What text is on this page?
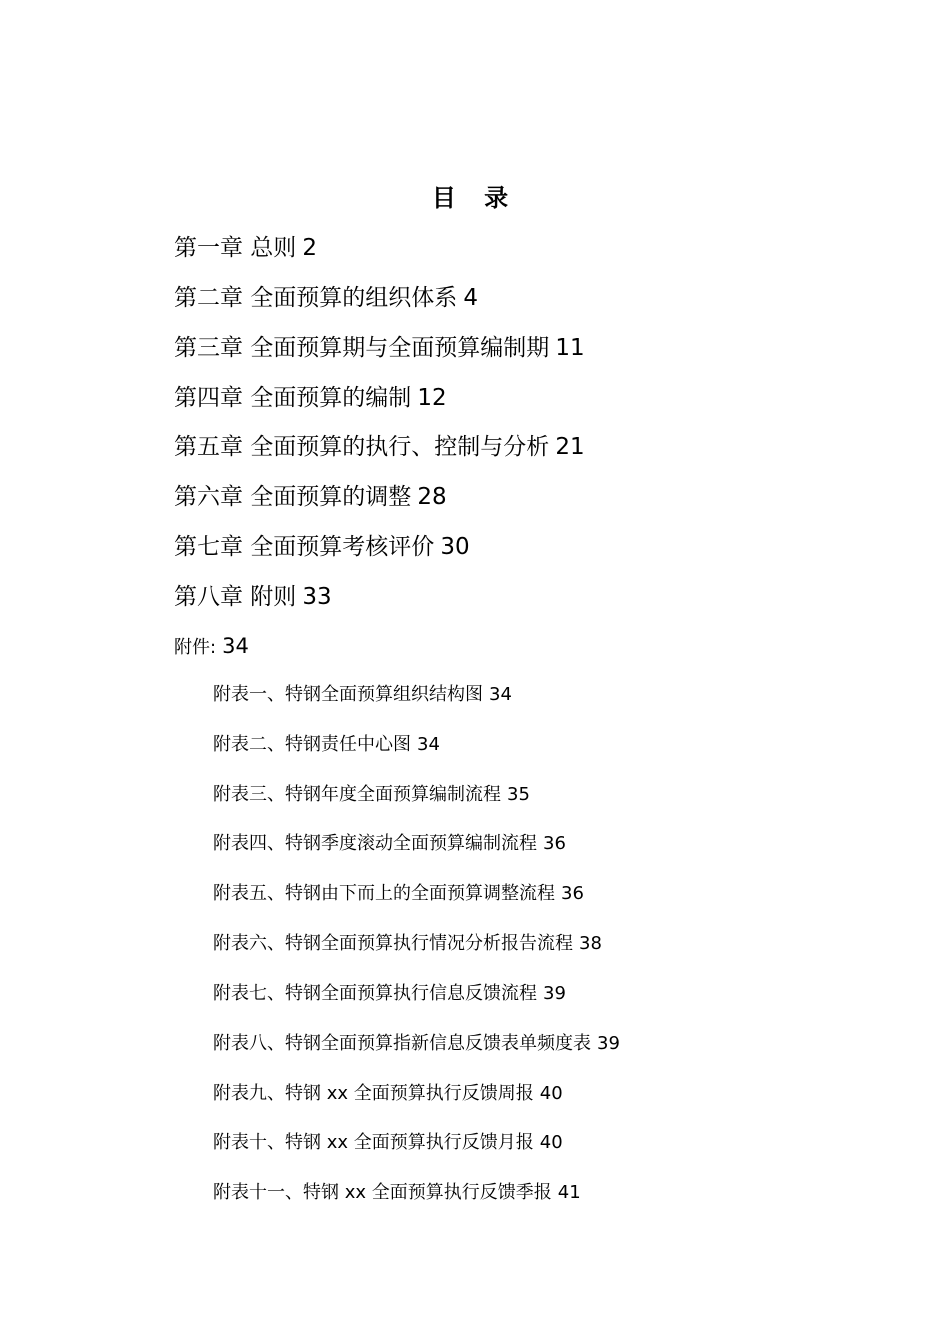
目 录
第一章 总则 2
第二章 全面预算的组织体系 4
第三章 全面预算期与全面预算编制期 11
第四章 全面预算的编制 12
第五章 全面预算的执行、控制与分析 21
第六章 全面预算的调整 28
第七章 全面预算考核评价 30
第八章 附则 33
附件: 34
附表一、特钢全面预算组织结构图 34
附表二、特钢责任中心图 34
附表三、特钢年度全面预算编制流程 35
附表四、特钢季度滚动全面预算编制流程 36
附表五、特钢由下而上的全面预算调整流程 36
附表六、特钢全面预算执行情况分析报告流程 38
附表七、特钢全面预算执行信息反馈流程 39
附表八、特钢全面预算指新信息反馈表单频度表 39
附表九、特钢 xx 全面预算执行反馈周报 40
附表十、特钢 xx 全面预算执行反馈月报 40
附表十一、特钢 xx 全面预算执行反馈季报 41
